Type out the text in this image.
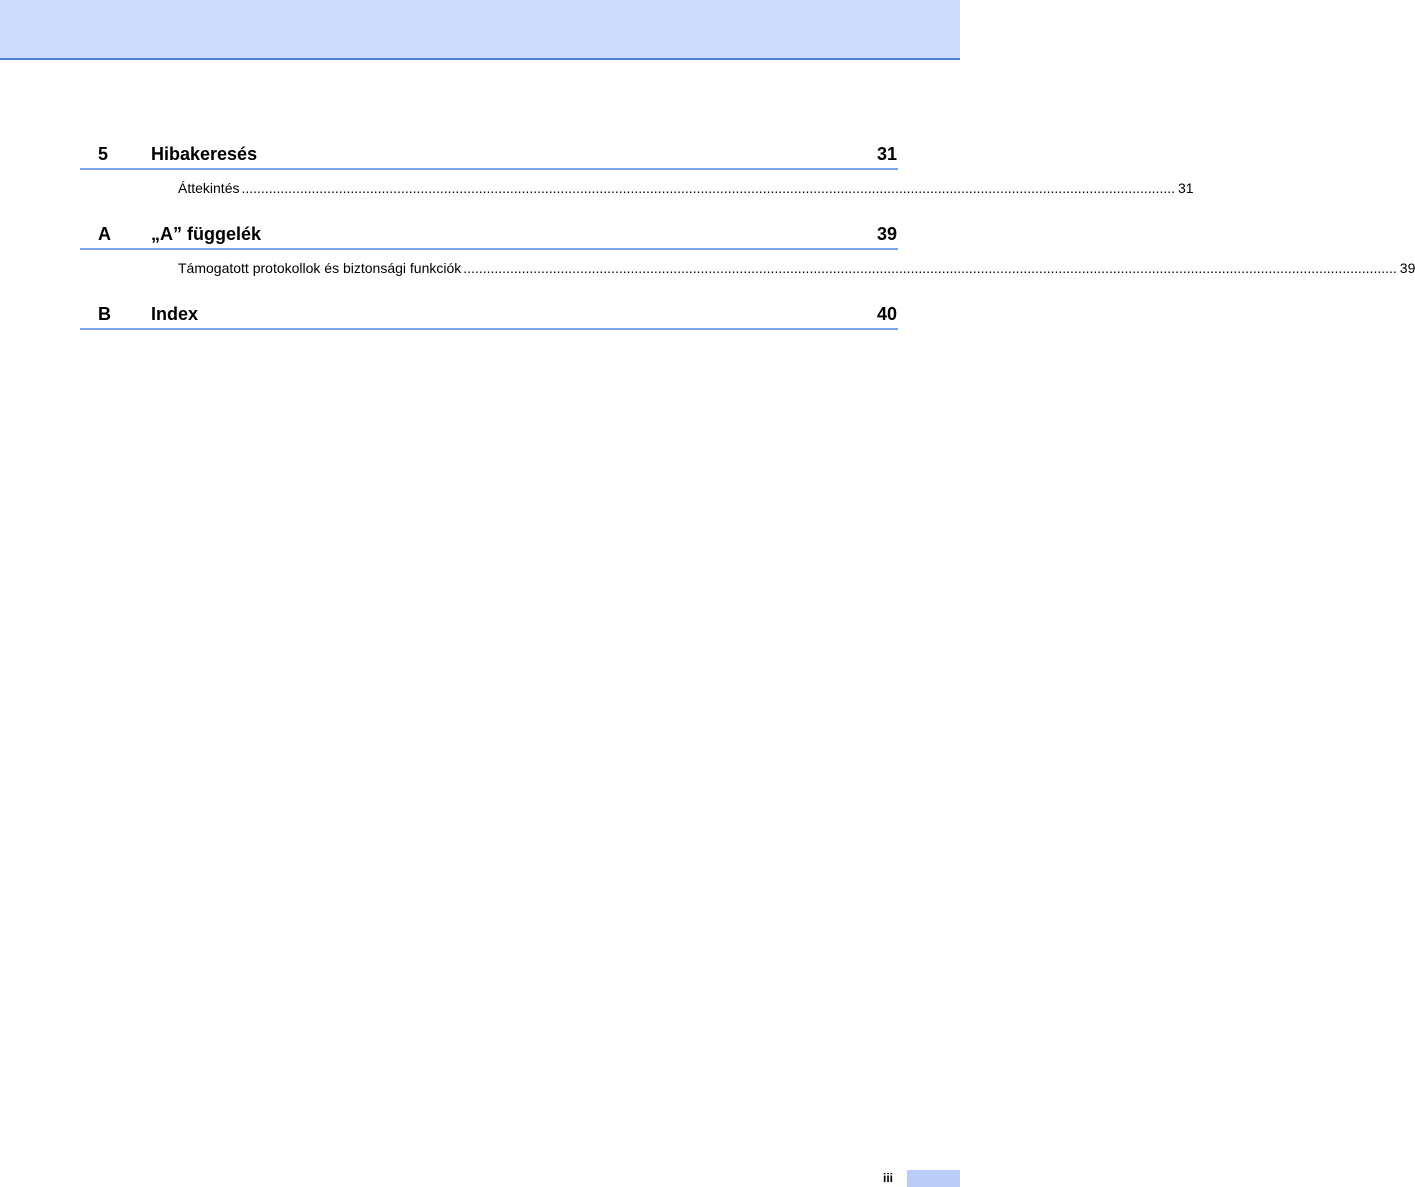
5 Hibakeresés	31
Áttekintés ................................................................................................................................................................................................................................................ 31
A „A” függelék	39
Támogatott protokollok és biztonsági funkciók ................................................................................................................................................................................................................................................ 39
B Index	40
iii
